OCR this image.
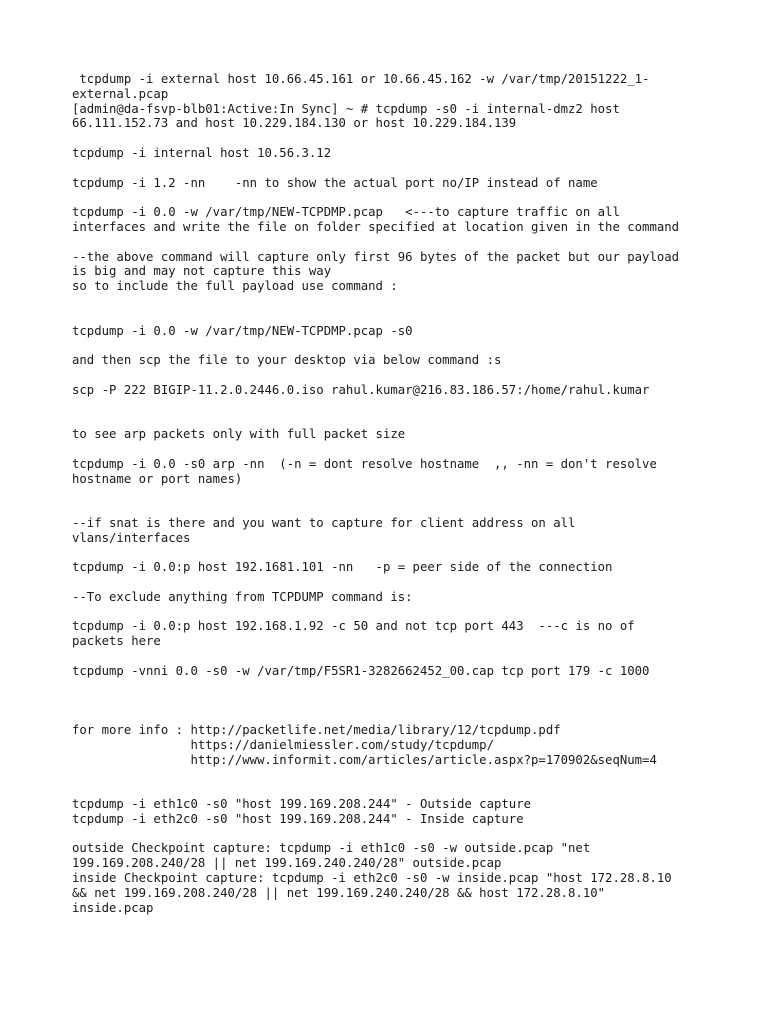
tcpdump -i external host 10.66.45.161 or 10.66.45.162 -w /var/tmp/20151222_1-
external.pcap
[admin@da-fsvp-blb01:Active:In Sync] ~ # tcpdump -s0 -i internal-dmz2 host
66.111.152.73 and host 10.229.184.130 or host 10.229.184.139
tcpdump -i internal host 10.56.3.12
tcpdump -i 1.2 -nn    -nn to show the actual port no/IP instead of name
tcpdump -i 0.0 -w /var/tmp/NEW-TCPDMP.pcap   <---to capture traffic on all
interfaces and write the file on folder specified at location given in the command
--the above command will capture only first 96 bytes of the packet but our payload
is big and may not capture this way
so to include the full payload use command :
tcpdump -i 0.0 -w /var/tmp/NEW-TCPDMP.pcap -s0
and then scp the file to your desktop via below command :s
scp -P 222 BIGIP-11.2.0.2446.0.iso rahul.kumar@216.83.186.57:/home/rahul.kumar
to see arp packets only with full packet size
tcpdump -i 0.0 -s0 arp -nn  (-n = dont resolve hostname  ,, -nn = don't resolve
hostname or port names)
--if snat is there and you want to capture for client address on all
vlans/interfaces
tcpdump -i 0.0:p host 192.1681.101 -nn   -p = peer side of the connection
--To exclude anything from TCPDUMP command is:
tcpdump -i 0.0:p host 192.168.1.92 -c 50 and not tcp port 443  ---c is no of
packets here
tcpdump -vnni 0.0 -s0 -w /var/tmp/F5SR1-3282662452_00.cap tcp port 179 -c 1000
for more info : http://packetlife.net/media/library/12/tcpdump.pdf
https://danielmiessler.com/study/tcpdump/
http://www.informit.com/articles/article.aspx?p=170902&seqNum=4
tcpdump -i eth1c0 -s0 "host 199.169.208.244" - Outside capture
tcpdump -i eth2c0 -s0 "host 199.169.208.244" - Inside capture
outside Checkpoint capture: tcpdump -i eth1c0 -s0 -w outside.pcap "net
199.169.208.240/28 || net 199.169.240.240/28" outside.pcap
inside Checkpoint capture: tcpdump -i eth2c0 -s0 -w inside.pcap "host 172.28.8.10
&& net 199.169.208.240/28 || net 199.169.240.240/28 && host 172.28.8.10"
inside.pcap
